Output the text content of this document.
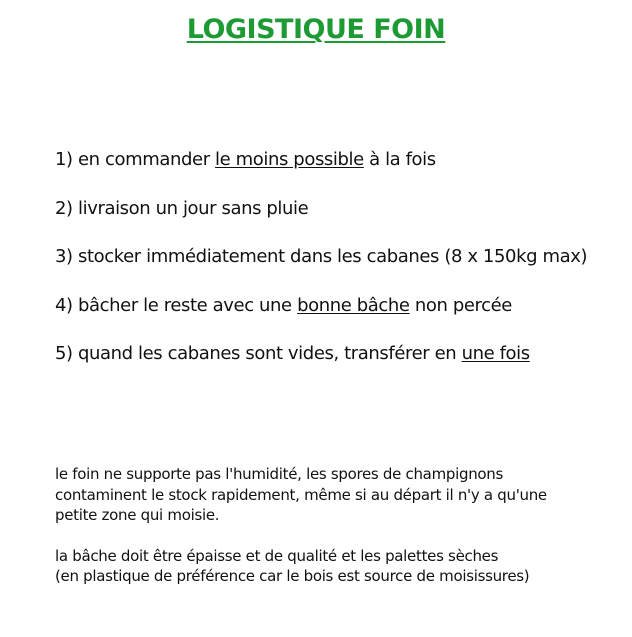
LOGISTIQUE FOIN
1) en commander le moins possible à la fois
2) livraison un jour sans pluie
3) stocker immédiatement dans les cabanes (8 x 150kg max)
4) bâcher le reste avec une bonne bâche non percée
5) quand les cabanes sont vides, transférer en une fois

le foin ne supporte pas l'humidité, les spores de champignons
contaminent le stock rapidement, même si au départ il n'y a qu'une
petite zone qui moisie.

la bâche doit être épaisse et de qualité et les palettes sèches
(en plastique de préférence car le bois est source de moisissures)
